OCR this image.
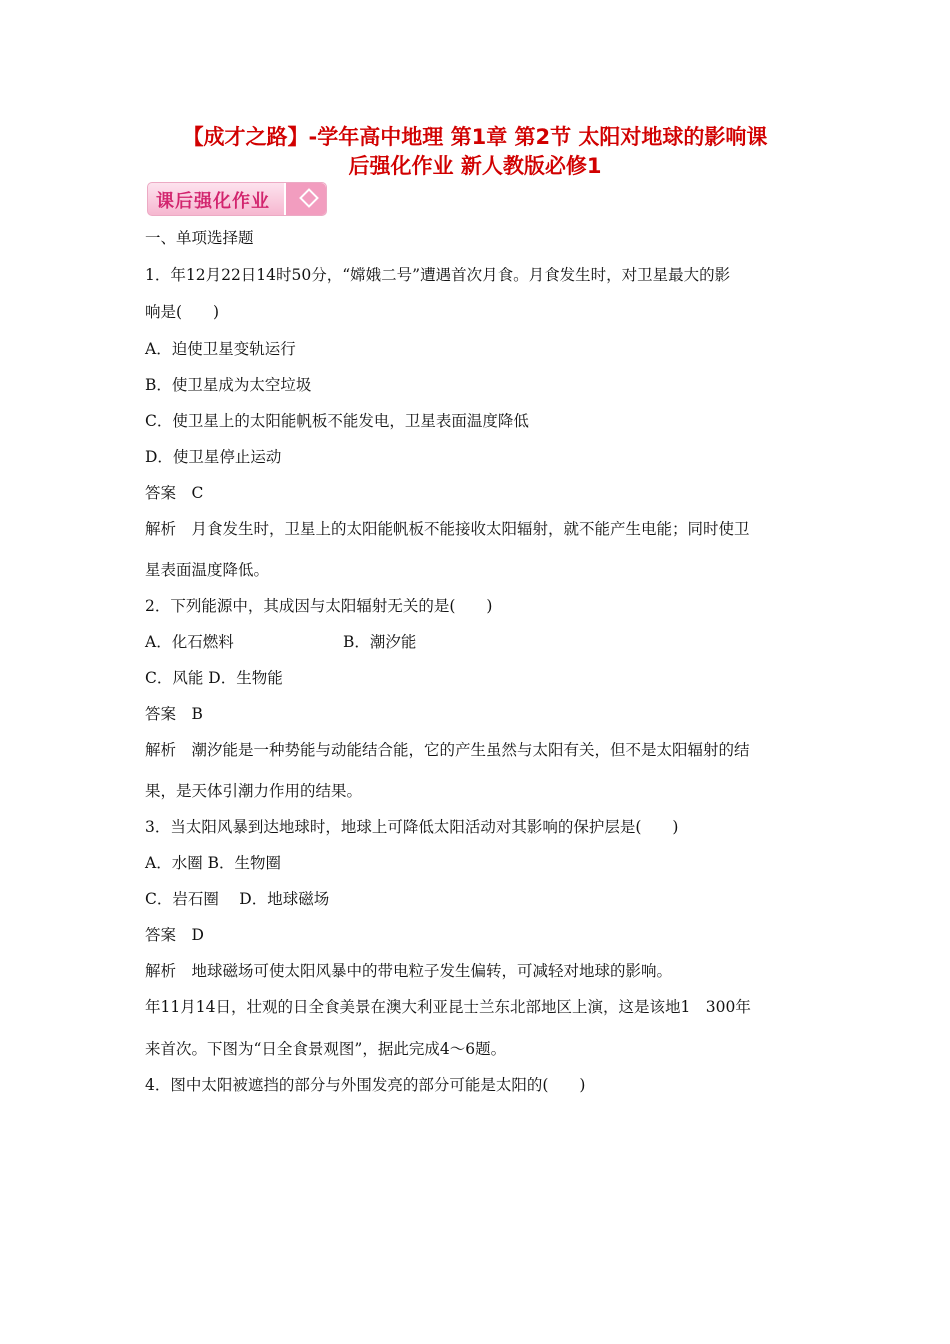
【成才之路】-学年高中地理 第1章 第2节 太阳对地球的影响课
后强化作业 新人教版必修1
课后强化作业
一、单项选择题
1．年12月22日14时50分，“嫦娥二号”遭遇首次月食。月食发生时，对卫星最大的影
响是(　　)
A．迫使卫星变轨运行
B．使卫星成为太空垃圾
C．使卫星上的太阳能帆板不能发电，卫星表面温度降低
D．使卫星停止运动
答案　C
解析　月食发生时，卫星上的太阳能帆板不能接收太阳辐射，就不能产生电能；同时使卫
星表面温度降低。
2．下列能源中，其成因与太阳辐射无关的是(　　)
A．化石燃料	B．潮汐能
C．风能 D．生物能
答案　B
解析　潮汐能是一种势能与动能结合能，它的产生虽然与太阳有关，但不是太阳辐射的结
果，是天体引潮力作用的结果。
3．当太阳风暴到达地球时，地球上可降低太阳活动对其影响的保护层是(　　)
A．水圈 B．生物圈
C．岩石圈　 D．地球磁场
答案　D
解析　地球磁场可使太阳风暴中的带电粒子发生偏转，可减轻对地球的影响。
年11月14日，壮观的日全食美景在澳大利亚昆士兰东北部地区上演，这是该地1　300年
来首次。下图为“日全食景观图”，据此完成4～6题。
4．图中太阳被遮挡的部分与外围发亮的部分可能是太阳的(　　)
